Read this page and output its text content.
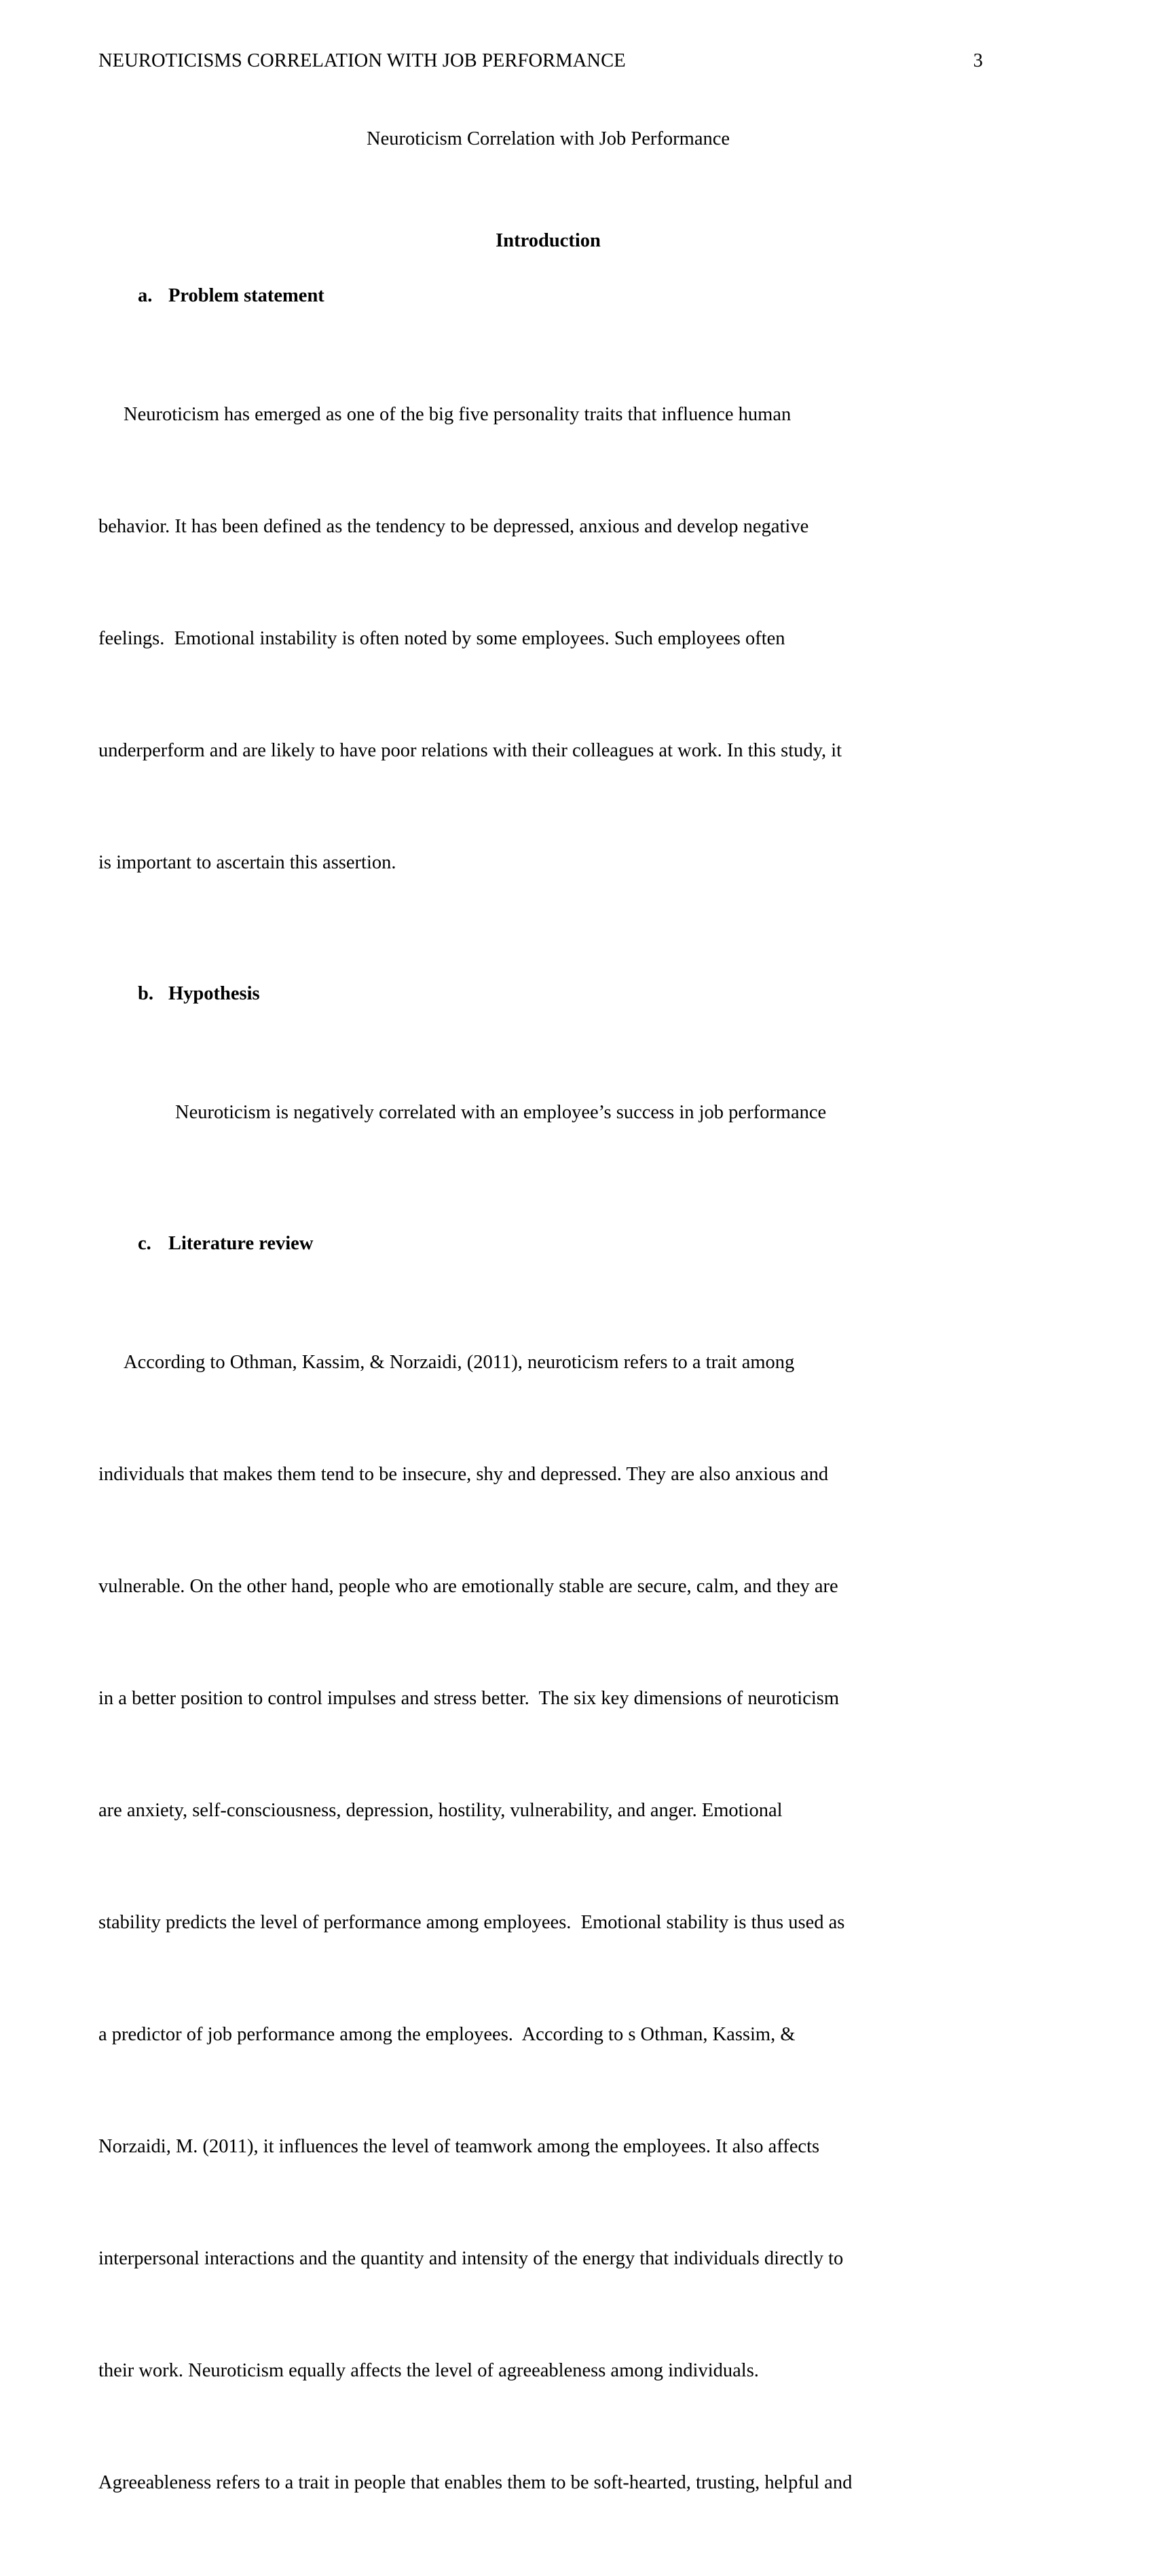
NEUROTICISMS CORRELATION WITH JOB PERFORMANCE	3
Neuroticism Correlation with Job Performance
Introduction
a. Problem statement

Neuroticism has emerged as one of the big five personality traits that influence human

behavior. It has been defined as the tendency to be depressed, anxious and develop negative

feelings.  Emotional instability is often noted by some employees. Such employees often

underperform and are likely to have poor relations with their colleagues at work. In this study, it

is important to ascertain this assertion.

b. Hypothesis

Neuroticism is negatively correlated with an employee’s success in job performance

c. Literature review

According to Othman, Kassim, & Norzaidi, (2011), neuroticism refers to a trait among

individuals that makes them tend to be insecure, shy and depressed. They are also anxious and

vulnerable. On the other hand, people who are emotionally stable are secure, calm, and they are

in a better position to control impulses and stress better.  The six key dimensions of neuroticism

are anxiety, self-consciousness, depression, hostility, vulnerability, and anger. Emotional

stability predicts the level of performance among employees.  Emotional stability is thus used as

a predictor of job performance among the employees.  According to s Othman, Kassim, &

Norzaidi, M. (2011), it influences the level of teamwork among the employees. It also affects

interpersonal interactions and the quantity and intensity of the energy that individuals directly to

their work. Neuroticism equally affects the level of agreeableness among individuals.

Agreeableness refers to a trait in people that enables them to be soft-hearted, trusting, helpful and
